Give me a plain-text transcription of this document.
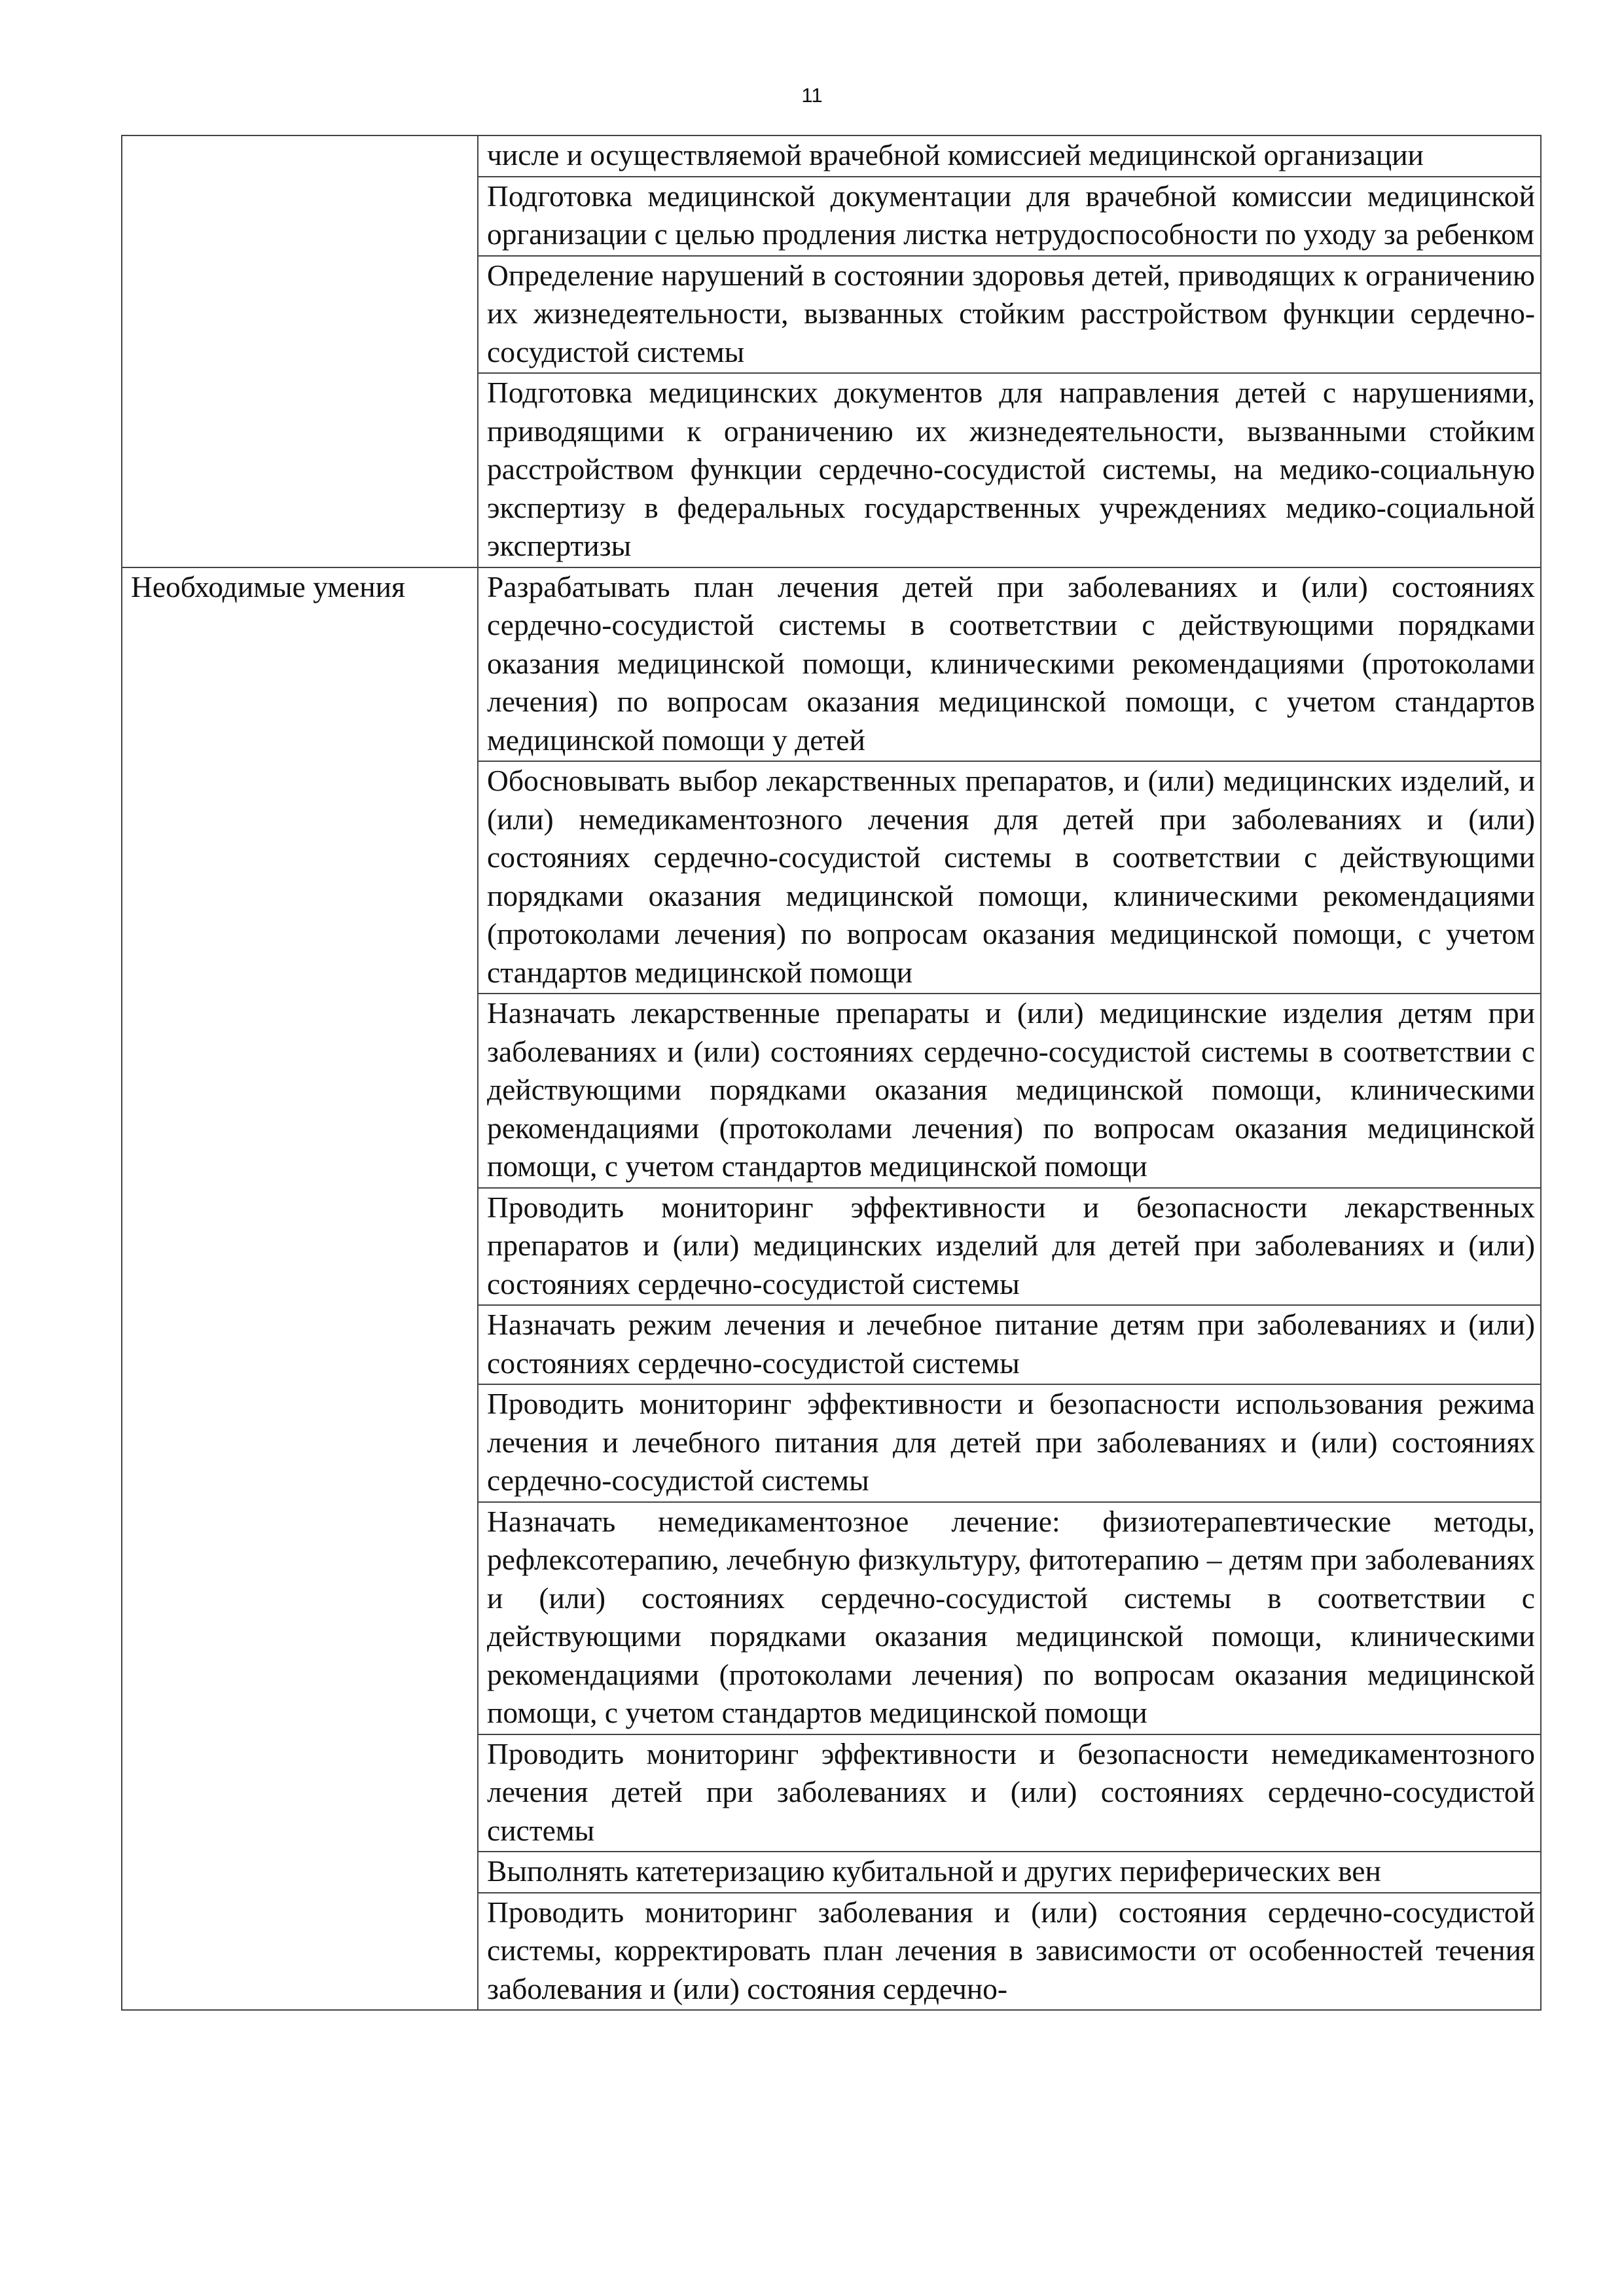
11

	числе и осуществляемой врачебной комиссией медицинской организации

	Подготовка медицинской документации для врачебной комиссии медицинской организации с целью продления листка нетрудоспособности по уходу за ребенком

	Определение нарушений в состоянии здоровья детей, приводящих к ограничению их жизнедеятельности, вызванных стойким расстройством функции сердечно-сосудистой системы

	Подготовка медицинских документов для направления детей с нарушениями, приводящими к ограничению их жизнедеятельности, вызванными стойким расстройством функции сердечно-сосудистой системы, на медико-социальную экспертизу в федеральных государственных учреждениях медико-социальной экспертизы

Необходимые умения	Разрабатывать план лечения детей при заболеваниях и (или) состояниях сердечно-сосудистой системы в соответствии с действующими порядками оказания медицинской помощи, клиническими рекомендациями (протоколами лечения) по вопросам оказания медицинской помощи, с учетом стандартов медицинской помощи у детей

	Обосновывать выбор лекарственных препаратов, и (или) медицинских изделий, и (или) немедикаментозного лечения для детей при заболеваниях и (или) состояниях сердечно-сосудистой системы в соответствии с действующими порядками оказания медицинской помощи, клиническими рекомендациями (протоколами лечения) по вопросам оказания медицинской помощи, с учетом стандартов медицинской помощи

	Назначать лекарственные препараты и (или) медицинские изделия детям при заболеваниях и (или) состояниях сердечно-сосудистой системы в соответствии с действующими порядками оказания медицинской помощи, клиническими рекомендациями (протоколами лечения) по вопросам оказания медицинской помощи, с учетом стандартов медицинской помощи

	Проводить мониторинг эффективности и безопасности лекарственных препаратов и (или) медицинских изделий для детей при заболеваниях и (или) состояниях сердечно-сосудистой системы

	Назначать режим лечения и лечебное питание детям при заболеваниях и (или) состояниях сердечно-сосудистой системы

	Проводить мониторинг эффективности и безопасности использования режима лечения и лечебного питания для детей при заболеваниях и (или) состояниях сердечно-сосудистой системы

	Назначать немедикаментозное лечение: физиотерапевтические методы, рефлексотерапию, лечебную физкультуру, фитотерапию – детям при заболеваниях и (или) состояниях сердечно-сосудистой системы в соответствии с действующими порядками оказания медицинской помощи, клиническими рекомендациями (протоколами лечения) по вопросам оказания медицинской помощи, с учетом стандартов медицинской помощи

	Проводить мониторинг эффективности и безопасности немедикаментозного лечения детей при заболеваниях и (или) состояниях сердечно-сосудистой системы

	Выполнять катетеризацию кубитальной и других периферических вен

	Проводить мониторинг заболевания и (или) состояния сердечно-сосудистой системы, корректировать план лечения в зависимости от особенностей течения заболевания и (или) состояния сердечно-
